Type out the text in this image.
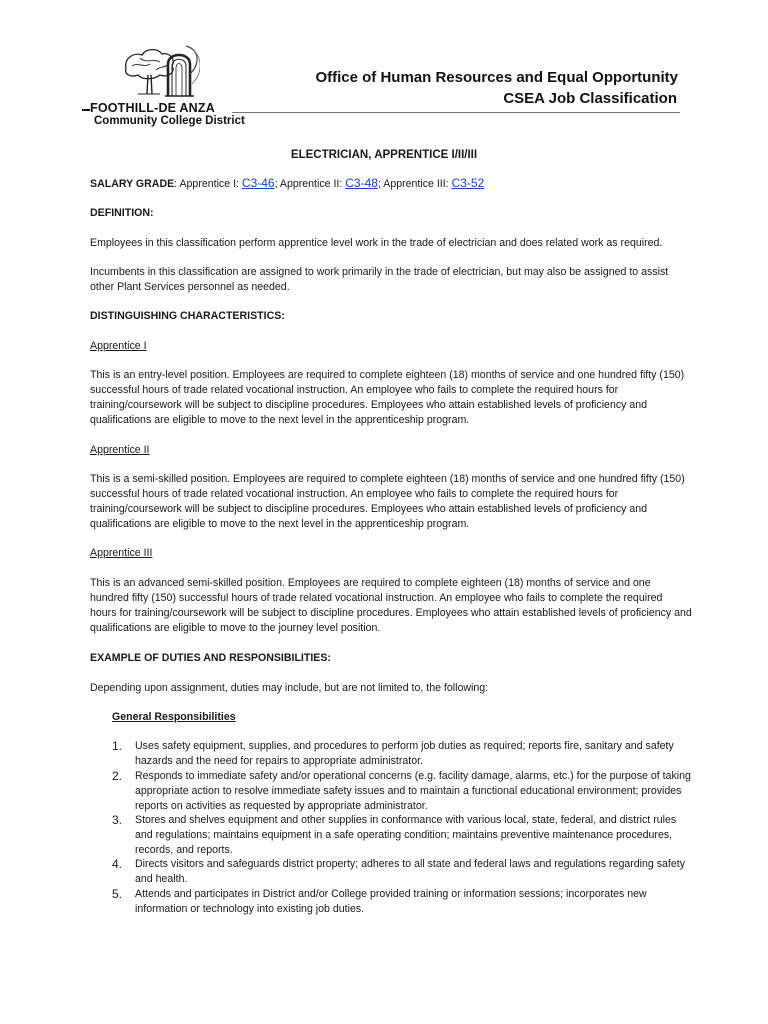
FOOTHILL-DE ANZA
Community College District
Office of Human Resources and Equal Opportunity
CSEA Job Classification
ELECTRICIAN, APPRENTICE I/II/III
SALARY GRADE: Apprentice I: C3-46; Apprentice II: C3-48; Apprentice III: C3-52
DEFINITION:
Employees in this classification perform apprentice level work in the trade of electrician and does related work as required.
Incumbents in this classification are assigned to work primarily in the trade of electrician, but may also be assigned to assist
other Plant Services personnel as needed.
DISTINGUISHING CHARACTERISTICS:
Apprentice I
This is an entry-level position. Employees are required to complete eighteen (18) months of service and one hundred fifty (150)
successful hours of trade related vocational instruction. An employee who fails to complete the required hours for
training/coursework will be subject to discipline procedures. Employees who attain established levels of proficiency and
qualifications are eligible to move to the next level in the apprenticeship program.
Apprentice II
This is a semi-skilled position. Employees are required to complete eighteen (18) months of service and one hundred fifty (150)
successful hours of trade related vocational instruction. An employee who fails to complete the required hours for
training/coursework will be subject to discipline procedures. Employees who attain established levels of proficiency and
qualifications are eligible to move to the next level in the apprenticeship program.
Apprentice III
This is an advanced semi-skilled position. Employees are required to complete eighteen (18) months of service and one
hundred fifty (150) successful hours of trade related vocational instruction. An employee who fails to complete the required
hours for training/coursework will be subject to discipline procedures. Employees who attain established levels of proficiency and
qualifications are eligible to move to the journey level position.
EXAMPLE OF DUTIES AND RESPONSIBILITIES:
Depending upon assignment, duties may include, but are not limited to, the following:
General Responsibilities
1. Uses safety equipment, supplies, and procedures to perform job duties as required; reports fire, sanitary and safety
hazards and the need for repairs to appropriate administrator.
2. Responds to immediate safety and/or operational concerns (e.g. facility damage, alarms, etc.) for the purpose of taking
appropriate action to resolve immediate safety issues and to maintain a functional educational environment; provides
reports on activities as requested by appropriate administrator.
3. Stores and shelves equipment and other supplies in conformance with various local, state, federal, and district rules
and regulations; maintains equipment in a safe operating condition; maintains preventive maintenance procedures,
records, and reports.
4. Directs visitors and safeguards district property; adheres to all state and federal laws and regulations regarding safety
and health.
5. Attends and participates in District and/or College provided training or information sessions; incorporates new
information or technology into existing job duties.
